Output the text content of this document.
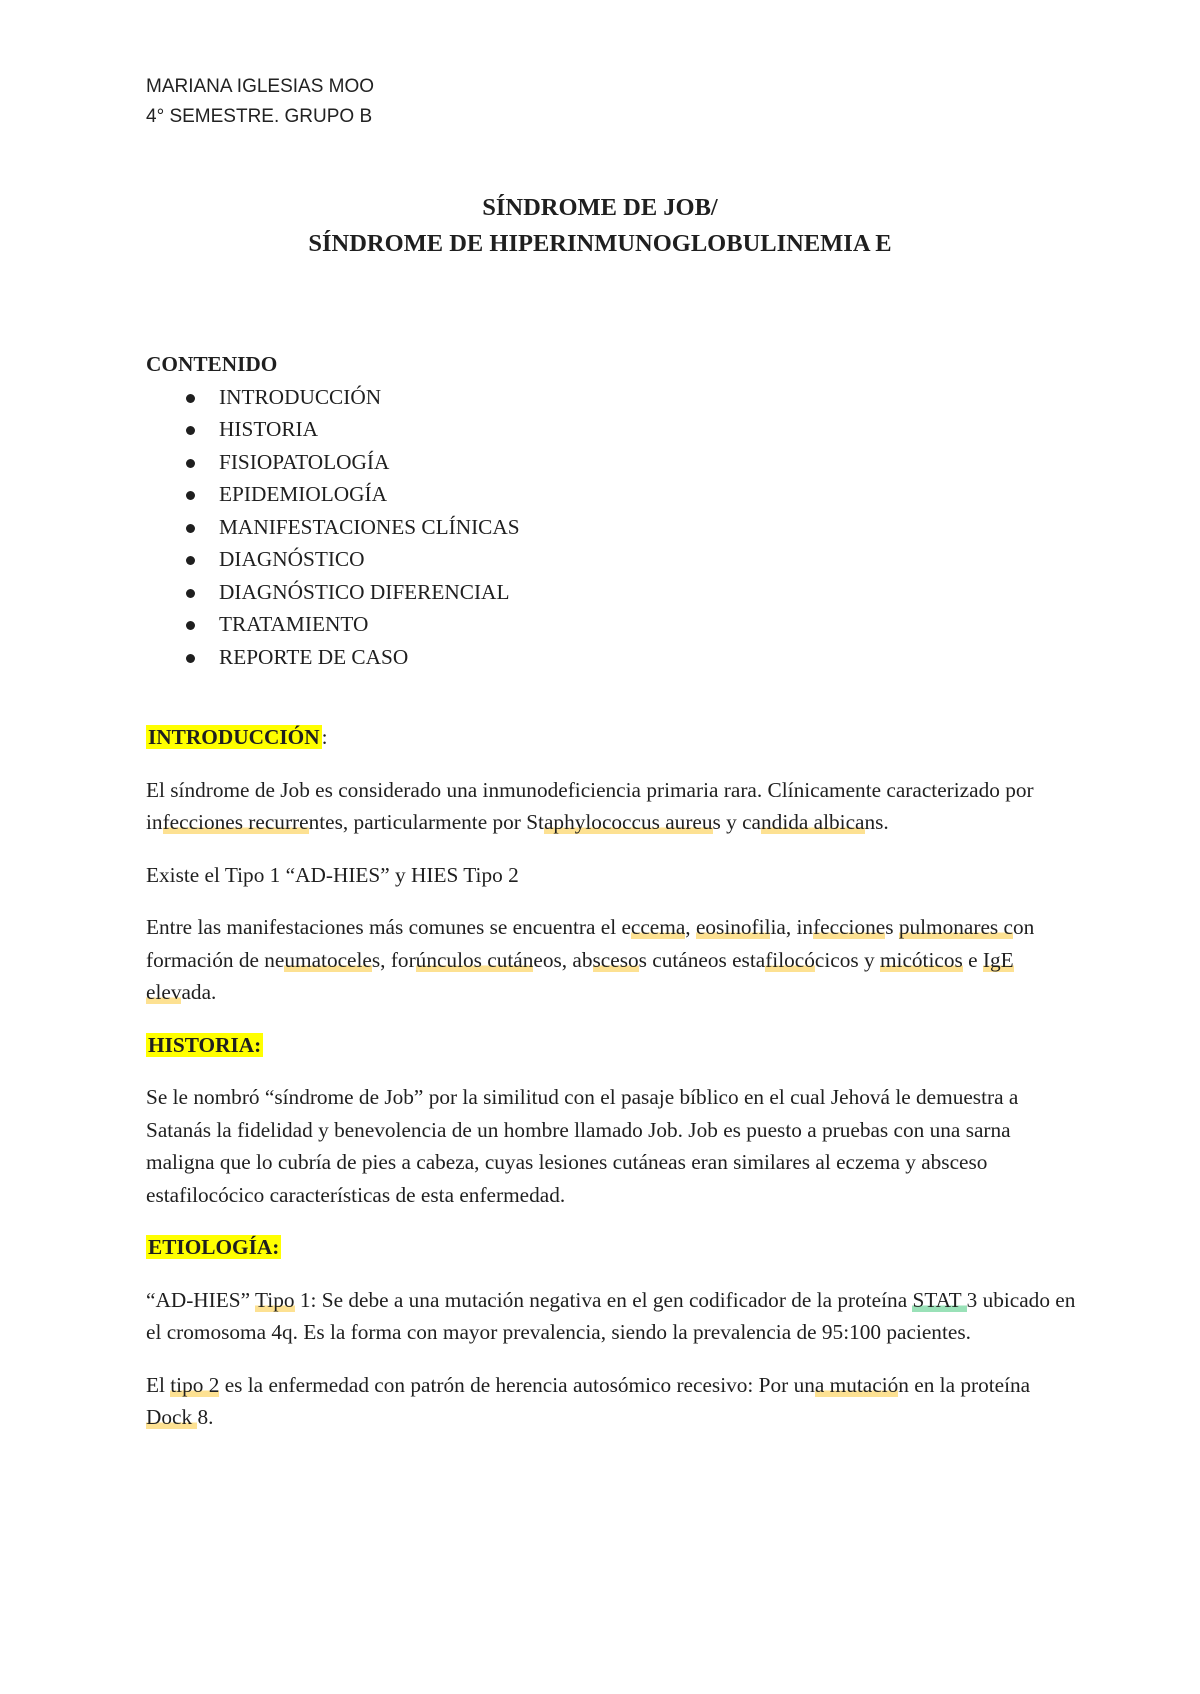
MARIANA IGLESIAS MOO
4° SEMESTRE. GRUPO B
SÍNDROME DE JOB/
SÍNDROME DE HIPERINMUNOGLOBULINEMIA E
CONTENIDO
INTRODUCCIÓN
HISTORIA
FISIOPATOLOGÍA
EPIDEMIOLOGÍA
MANIFESTACIONES CLÍNICAS
DIAGNÓSTICO
DIAGNÓSTICO DIFERENCIAL
TRATAMIENTO
REPORTE DE CASO
INTRODUCCIÓN:

El síndrome de Job es considerado una inmunodeficiencia primaria rara. Clínicamente caracterizado por infecciones recurrentes, particularmente por Staphylococcus aureus y candida albicans.

Existe el Tipo 1 “AD-HIES” y HIES Tipo 2

Entre las manifestaciones más comunes se encuentra el eccema, eosinofilia, infecciones pulmonares con formación de neumatoceles, forúnculos cutáneos, abscesos cutáneos estafilocócicos y micóticos e IgE elevada.

HISTORIA:

Se le nombró “síndrome de Job” por la similitud con el pasaje bíblico en el cual Jehová le demuestra a Satanás la fidelidad y benevolencia de un hombre llamado Job. Job es puesto a pruebas con una sarna maligna que lo cubría de pies a cabeza, cuyas lesiones cutáneas eran similares al eczema y absceso estafilocócico características de esta enfermedad.

ETIOLOGÍA:

“AD-HIES” Tipo 1: Se debe a una mutación negativa en el gen codificador de la proteína STAT 3 ubicado en el cromosoma 4q. Es la forma con mayor prevalencia, siendo la prevalencia de 95:100 pacientes.

El tipo 2 es la enfermedad con patrón de herencia autosómico recesivo: Por una mutación en la proteína Dock 8.
